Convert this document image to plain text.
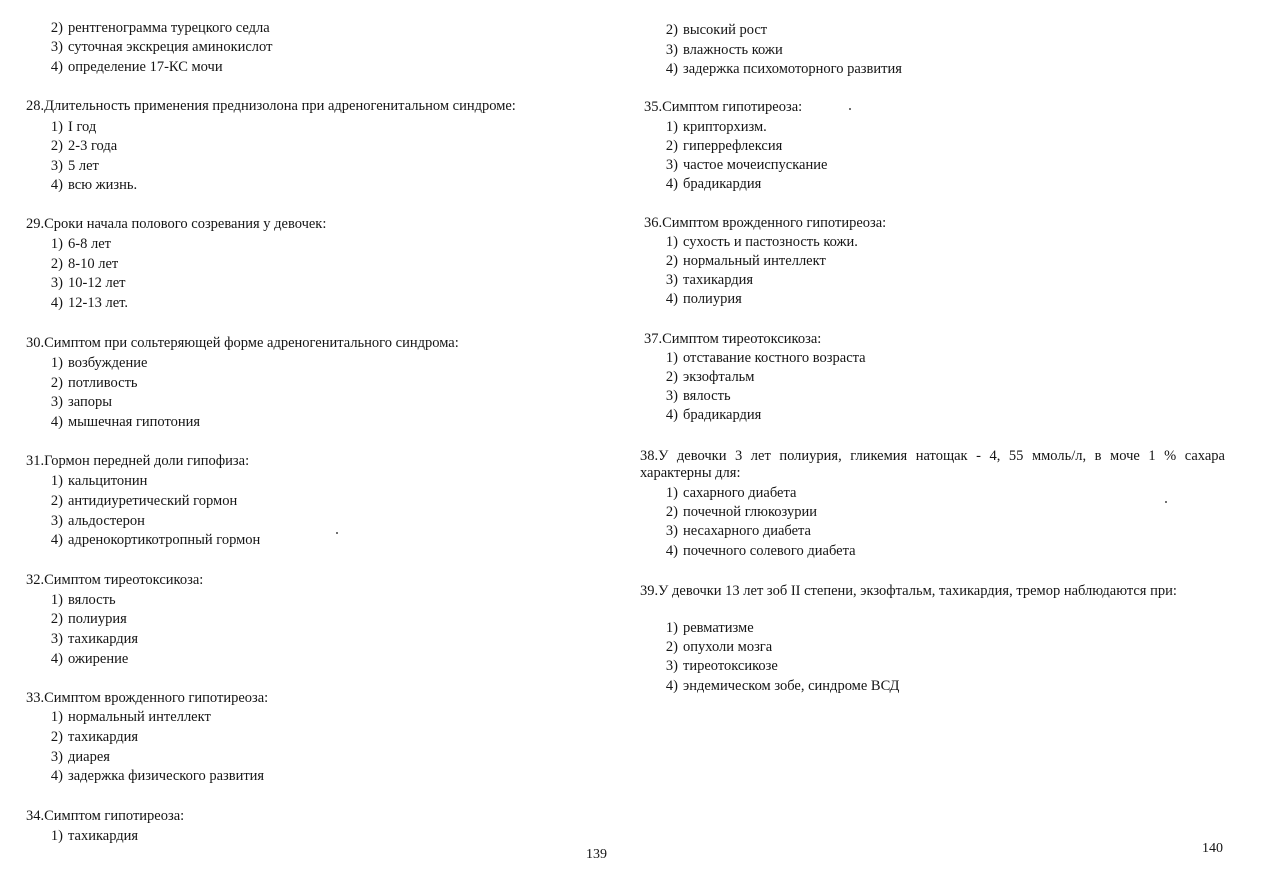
2) рентгенограмма турецкого седла
3) суточная экскреция аминокислот
4) определение 17-КС мочи
28.Длительность применения преднизолона при адреногенитальном синдроме:
1) I год
2) 2-3 года
3) 5 лет
4) всю жизнь.
29.Сроки начала полового созревания у девочек:
1) 6-8 лет
2) 8-10 лет
3) 10-12 лет
4) 12-13 лет.
30.Симптом при сольтеряющей форме адреногенитального синдрома:
1) возбуждение
2) потливость
3) запоры
4) мышечная гипотония
31.Гормон передней доли гипофиза:
1) кальцитонин
2) антидиуретический гормон
3) альдостерон
4) адренокортикотропный гормон
32.Симптом тиреотоксикоза:
1) вялость
2) полиурия
3) тахикардия
4) ожирение
33.Симптом врожденного гипотиреоза:
1) нормальный интеллект
2) тахикардия
3) диарея
4) задержка физического развития
34.Симптом гипотиреоза:
1) тахикардия
139
2) высокий рост
3) влажность кожи
4) задержка психомоторного развития
35.Симптом гипотиреоза:
1) крипторхизм.
2) гиперрефлексия
3) частое мочеиспускание
4) брадикардия
36.Симптом врожденного гипотиреоза:
1) сухость и пастозность кожи.
2) нормальный интеллект
3) тахикардия
4) полиурия
37.Симптом тиреотоксикоза:
1) отставание костного возраста
2) экзофтальм
3) вялость
4) брадикардия
38.У девочки 3 лет полиурия, гликемия натощак - 4, 55 ммоль/л, в моче 1 % сахара характерны для:
1) сахарного диабета
2) почечной глюкозурии
3) несахарного диабета
4) почечного солевого диабета
39.У девочки 13 лет зоб II степени, экзофтальм, тахикардия, тремор наблюдаются при:
1) ревматизме
2) опухоли мозга
3) тиреотоксикозе
4) эндемическом зобе, синдроме ВСД
140
